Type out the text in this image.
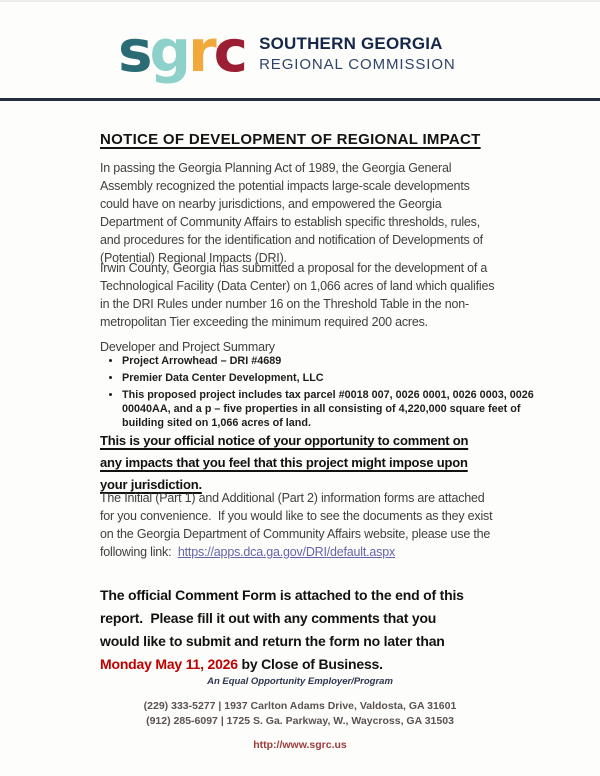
sgrc SOUTHERN GEORGIA
REGIONAL COMMISSION
NOTICE OF DEVELOPMENT OF REGIONAL IMPACT
In passing the Georgia Planning Act of 1989, the Georgia General
Assembly recognized the potential impacts large-scale developments
could have on nearby jurisdictions, and empowered the Georgia
Department of Community Affairs to establish specific thresholds, rules,
and procedures for the identification and notification of Developments of
(Potential) Regional Impacts (DRI).
Irwin County, Georgia has submitted a proposal for the development of a
Technological Facility (Data Center) on 1,066 acres of land which qualifies
in the DRI Rules under number 16 on the Threshold Table in the non-
metropolitan Tier exceeding the minimum required 200 acres.
Developer and Project Summary
• Project Arrowhead – DRI #4689
• Premier Data Center Development, LLC
• This proposed project includes tax parcel #0018 007, 0026 0001, 0026 0003, 0026 00040AA, and a p – five properties in all consisting of 4,220,000 square feet of building sited on 1,066 acres of land.
This is your official notice of your opportunity to comment on
any impacts that you feel that this project might impose upon
your jurisdiction.
The Initial (Part 1) and Additional (Part 2) information forms are attached
for you convenience.  If you would like to see the documents as they exist
on the Georgia Department of Community Affairs website, please use the
following link:  https://apps.dca.ga.gov/DRI/default.aspx
The official Comment Form is attached to the end of this
report.  Please fill it out with any comments that you
would like to submit and return the form no later than
Monday May 11, 2026 by Close of Business.
An Equal Opportunity Employer/Program
(229) 333-5277 | 1937 Carlton Adams Drive, Valdosta, GA 31601
(912) 285-6097 | 1725 S. Ga. Parkway, W., Waycross, GA 31503
http://www.sgrc.us
